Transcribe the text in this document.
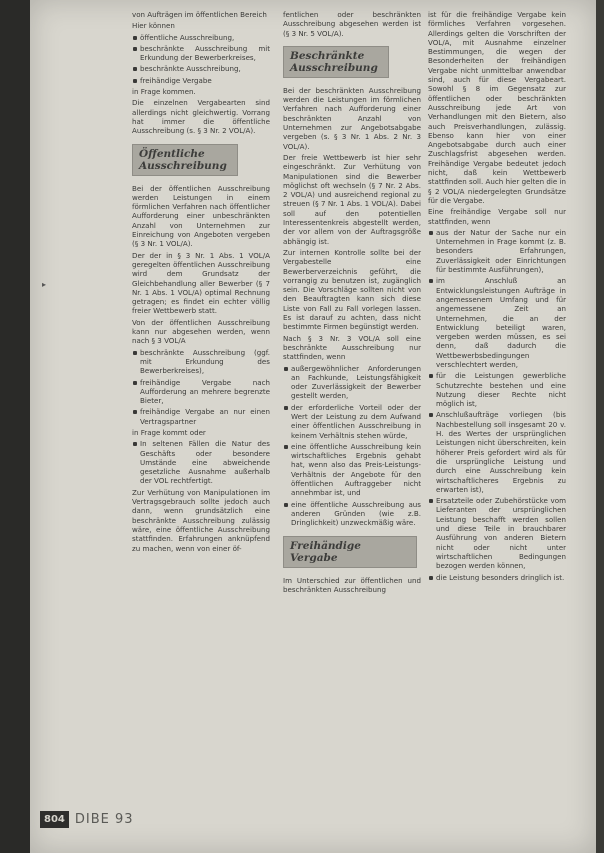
▸

von Aufträgen im öffentlichen Bereich

Hier können

öffentliche Ausschreibung,
beschränkte Ausschreibung mit Erkundung der Bewerberkreises,
beschränkte Ausschreibung,
freihändige Vergabe

in Frage kommen.

Die einzelnen Vergabearten sind allerdings nicht gleichwertig. Vorrang hat immer die öffentliche Ausschreibung (s. § 3 Nr. 2 VOL/A).

Öffentliche
Ausschreibung

Bei der öffentlichen Ausschreibung werden Leistungen in einem förmlichen Verfahren nach öffentlicher Aufforderung einer unbeschränkten Anzahl von Unternehmen zur Einreichung von Angeboten vergeben (§ 3 Nr. 1 VOL/A).

Der der in § 3 Nr. 1 Abs. 1 VOL/A geregelten öffentlichen Ausschreibung wird dem Grundsatz der Gleichbehandlung aller Bewerber (§ 7 Nr. 1 Abs. 1 VOL/A) optimal Rechnung getragen; es findet ein echter völlig freier Wettbewerb statt.

Von der öffentlichen Ausschreibung kann nur abgesehen werden, wenn nach § 3 VOL/A

beschränkte Ausschreibung (ggf. mit Erkundung des Bewerberkreises),
freihändige Vergabe nach Aufforderung an mehrere begrenzte Bieter,
freihändige Vergabe an nur einen Vertragspartner

in Frage kommt oder

In seltenen Fällen die Natur des Geschäfts oder besondere Umstände eine abweichende gesetzliche Ausnahme außerhalb der VOL rechtfertigt.

Zur Verhütung von Manipulationen im Vertragsgebrauch sollte jedoch auch dann, wenn grundsätzlich eine beschränkte Ausschreibung zulässig wäre, eine öffentliche Ausschreibung stattfinden. Erfahrungen anknüpfend zu machen, wenn von einer öf-

fentlichen oder beschränkten Ausschreibung abgesehen werden ist (§ 3 Nr. 5 VOL/A).

Beschränkte
Ausschreibung

Bei der beschränkten Ausschreibung werden die Leistungen im förmlichen Verfahren nach Aufforderung einer beschränkten Anzahl von Unternehmen zur Angebotsabgabe vergeben (s. § 3 Nr. 1 Abs. 2 Nr. 3 VOL/A).

Der freie Wettbewerb ist hier sehr eingeschränkt. Zur Verhütung von Manipulationen sind die Bewerber möglichst oft wechseln (§ 7 Nr. 2 Abs. 2 VOL/A) und ausreichend regional zu streuen (§ 7 Nr. 1 Abs. 1 VOL/A). Dabei soll auf den potentiellen Interessentenkreis abgestellt werden, der vor allem von der Auftragsgröße abhängig ist.

Zur internen Kontrolle sollte bei der Vergabestelle eine Bewerberverzeichnis geführt, die vorrangig zu benutzen ist, zugänglich sein. Die Vorschläge sollten nicht von den Beauftragten kann sich diese Liste von Fall zu Fall vorlegen lassen. Es ist darauf zu achten, dass nicht bestimmte Firmen begünstigt werden.

Nach § 3 Nr. 3 VOL/A soll eine beschränkte Ausschreibung nur stattfinden, wenn

außergewöhnlicher Anforderungen an Fachkunde, Leistungsfähigkeit oder Zuverlässigkeit der Bewerber gestellt werden,
der erforderliche Vorteil oder der Wert der Leistung zu dem Aufwand einer öffentlichen Ausschreibung in keinem Verhältnis stehen würde,
eine öffentliche Ausschreibung kein wirtschaftliches Ergebnis gehabt hat, wenn also das Preis-Leistungs-Verhältnis der Angebote für den öffentlichen Auftraggeber nicht annehmbar ist, und
eine öffentliche Ausschreibung aus anderen Gründen (wie z.B. Dringlichkeit) unzweckmäßig wäre.
Freihändige Vergabe

Im Unterschied zur öffentlichen und beschränkten Ausschreibung

ist für die freihändige Vergabe kein förmliches Verfahren vorgesehen. Allerdings gelten die Vorschriften der VOL/A, mit Ausnahme einzelner Bestimmungen, die wegen der Besonderheiten der freihändigen Vergabe nicht unmittelbar anwendbar sind, auch für diese Vergabeart. Sowohl § 8 im Gegensatz zur öffentlichen oder beschränkten Ausschreibung jede Art von Verhandlungen mit den Bietern, also auch Preisverhandlungen, zulässig. Ebenso kann hier von einer Angebotsabgabe durch auch einer Zuschlagsfrist abgesehen werden. Freihändige Vergabe bedeutet jedoch nicht, daß kein Wettbewerb stattfinden soll. Auch hier gelten die in § 2 VOL/A niedergelegten Grundsätze für die Vergabe.

Eine freihändige Vergabe soll nur stattfinden, wenn

aus der Natur der Sache nur ein Unternehmen in Frage kommt (z. B. besonders Erfahrungen, Zuverlässigkeit oder Einrichtungen für bestimmte Ausführungen),
im Anschluß an Entwicklungsleistungen Aufträge in angemessenem Umfang und für angemessene Zeit an Unternehmen, die an der Entwicklung beteiligt waren, vergeben werden müssen, es sei denn, daß dadurch die Wettbewerbsbedingungen verschlechtert werden,
für die Leistungen gewerbliche Schutzrechte bestehen und eine Nutzung dieser Rechte nicht möglich ist,
Anschlußaufträge vorliegen (bis Nachbestellung soll insgesamt 20 v. H. des Wertes der ursprünglichen Leistungen nicht überschreiten, kein höherer Preis gefordert wird als für die ursprüngliche Leistung und durch eine Ausschreibung kein wirtschaftlicheres Ergebnis zu erwarten ist),
Ersatzteile oder Zubehörstücke vom Lieferanten der ursprünglichen Leistung beschafft werden sollen und diese Teile in brauchbarer Ausführung von anderen Bietern nicht oder nicht unter wirtschaftlichen Bedingungen bezogen werden können,
die Leistung besonders dringlich ist.
804 DIBE 93
